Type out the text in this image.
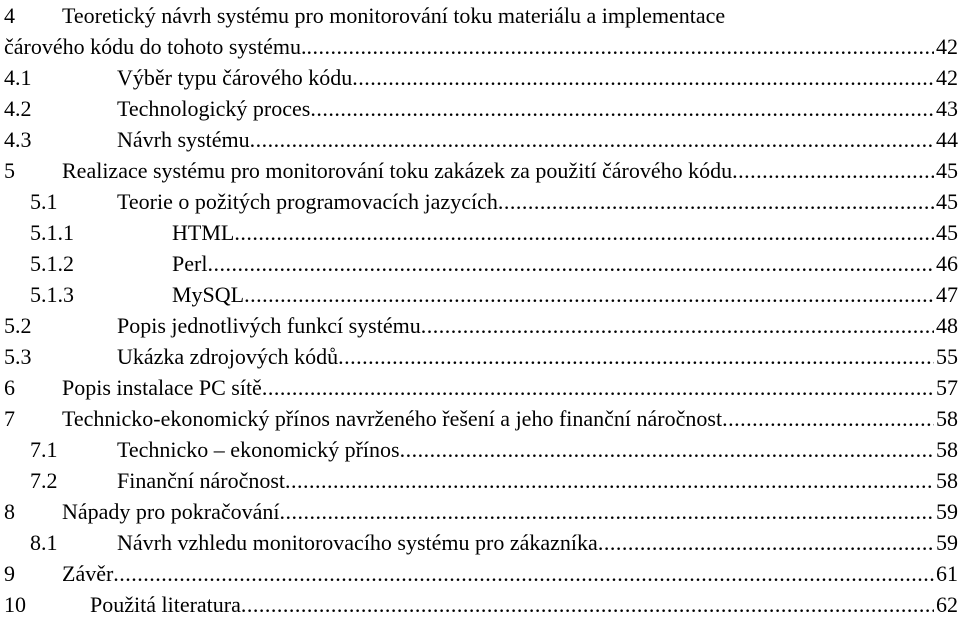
4 Teoretický návrh systému pro monitorování toku materiálu a implementace
čárového kódu do tohoto systému. .....	42
4.1	Výběr typu čárového kódu .....	42
4.2	Technologický proces .....	43
4.3	Návrh systému .....	44
5 Realizace systému pro monitorování toku zakázek za použití čárového kódu .....	45
5.1	Teorie o požitých programovacích jazycích .....	45
5.1.1	HTML .....	45
5.1.2	Perl .....	46
5.1.3	MySQL .....	47
5.2	Popis jednotlivých funkcí systému .....	48
5.3	Ukázka zdrojových kódů .....	55
6 Popis instalace PC sítě .....	57
7 Technicko-ekonomický přínos navrženého řešení a jeho finanční náročnost .....	58
7.1	Technicko – ekonomický přínos .....	58
7.2	Finanční náročnost .....	58
8 Nápady pro pokračování .....	59
8.1	Návrh vzhledu monitorovacího systému pro zákazníka .....	59
9 Závěr .....	61
10	Použitá literatura .....	62
